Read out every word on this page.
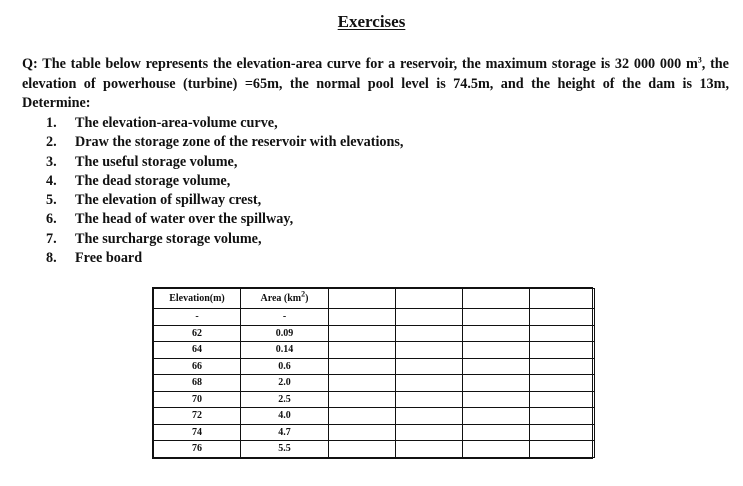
Exercises
Q: The table below represents the elevation-area curve for a reservoir, the maximum storage is 32 000 000 $m^3$, the elevation of powerhouse (turbine) =65m, the normal pool level is 74.5m, and the height of the dam is 13m, Determine:
1. The elevation-area-volume curve,
2. Draw the storage zone of the reservoir with elevations,
3. The useful storage volume,
4. The dead storage volume,
5. The elevation of spillway crest,
6. The head of water over the spillway,
7. The surcharge storage volume,
8. Free board
Elevation(m)	Area $(km^2)$				
-	-				
62	0.09				
64	0.14				
66	0.6				
68	2.0				
70	2.5				
72	4.0				
74	4.7				
76	5.5				
